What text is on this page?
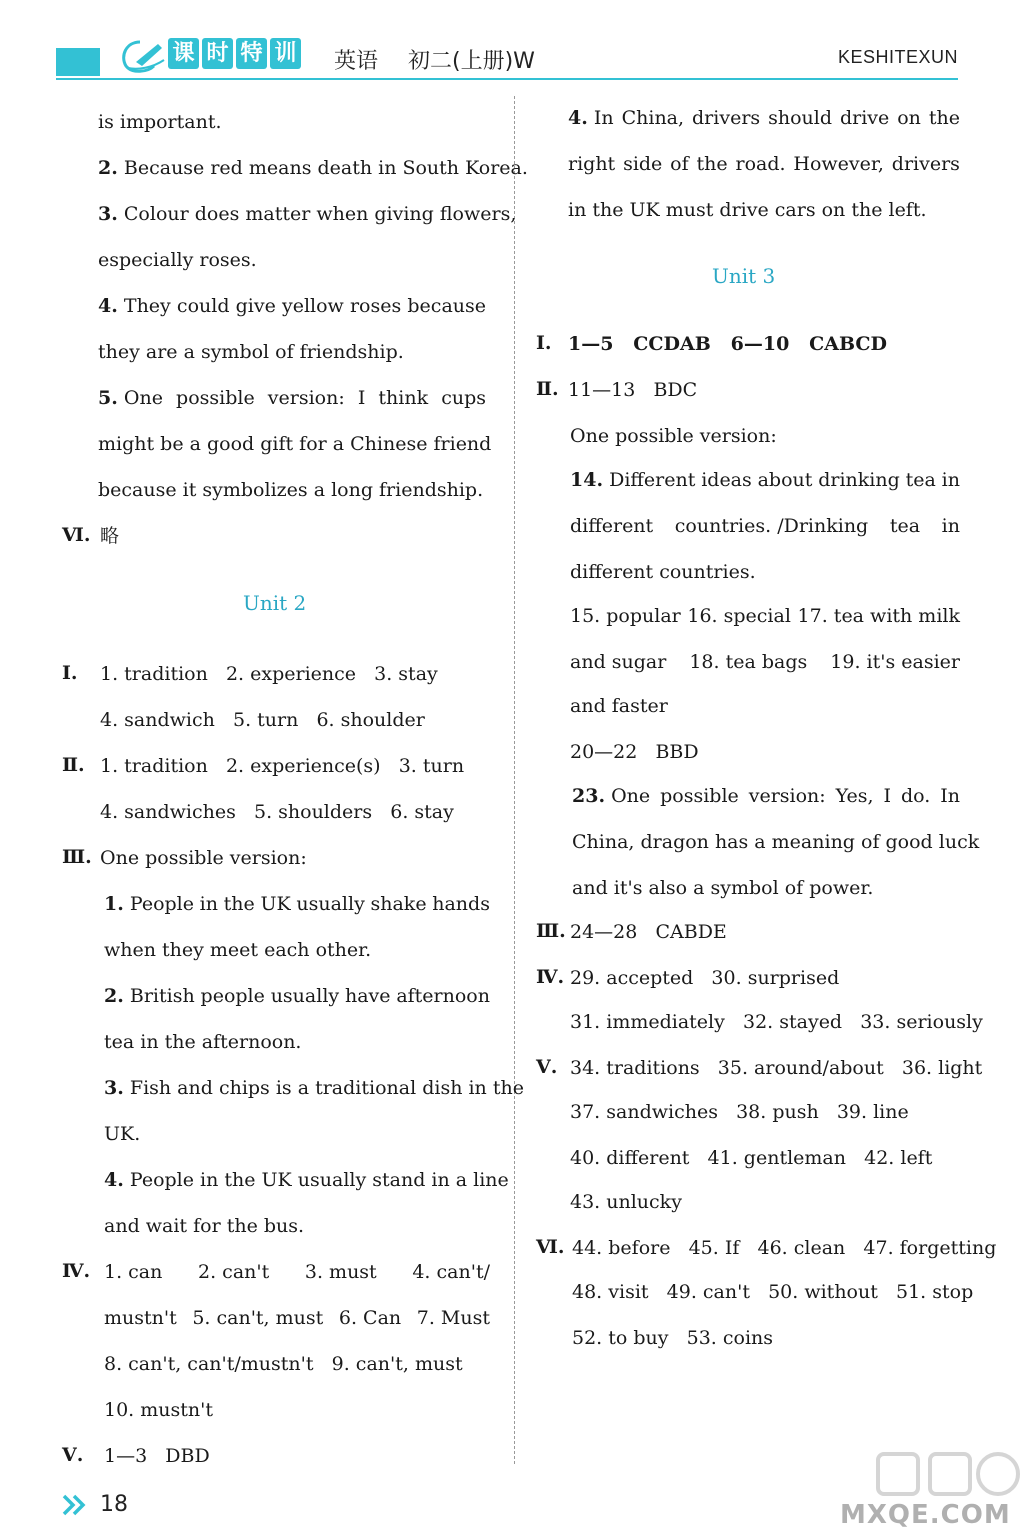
课 时 特 训 英语 初二(上册)W	KESHITEXUN
is important.
2. Because red means death in South Korea.
3. Colour does matter when giving flowers,
especially roses.
4. They could give yellow roses because
they are a symbol of friendship.
5. One possible version: I think cups
might be a good gift for a Chinese friend
because it symbolizes a long friendship.
Ⅵ. 略
Unit 2
Ⅰ. 1. tradition   2. experience   3. stay
4. sandwich   5. turn   6. shoulder
Ⅱ. 1. tradition   2. experience(s)   3. turn
4. sandwiches   5. shoulders   6. stay
Ⅲ. One possible version:
1. People in the UK usually shake hands
when they meet each other.
2. British people usually have afternoon
tea in the afternoon.
3. Fish and chips is a traditional dish in the
UK.
4. People in the UK usually stand in a line
and wait for the bus.
Ⅳ. 1. can 2. can't 3. must 4. can't/
mustn't 5. can't, must 6. Can 7. Must
8. can't, can't/mustn't   9. can't, must
10. mustn't
Ⅴ. 1—3   DBD
4. In China, drivers should drive on the
right side of the road. However, drivers
in the UK must drive cars on the left.
Unit 3
Ⅰ. 1—5   CCDAB   6—10   CABCD
Ⅱ. 11—13   BDC
One possible version:
14. Different ideas about drinking tea in
different countries. /Drinking tea in
different countries.
15. popular 16. special 17. tea with milk
and sugar 18. tea bags 19. it's easier
and faster
20—22   BBD
23. One possible version: Yes, I do. In
China, dragon has a meaning of good luck
and it's also a symbol of power.
Ⅲ. 24—28   CABDE
Ⅳ. 29. accepted   30. surprised
31. immediately   32. stayed   33. seriously
Ⅴ. 34. traditions   35. around/about   36. light
37. sandwiches   38. push   39. line
40. different   41. gentleman   42. left
43. unlucky
Ⅵ. 44. before   45. If   46. clean   47. forgetting
48. visit   49. can't   50. without   51. stop
52. to buy   53. coins
18	MXQE.COM
